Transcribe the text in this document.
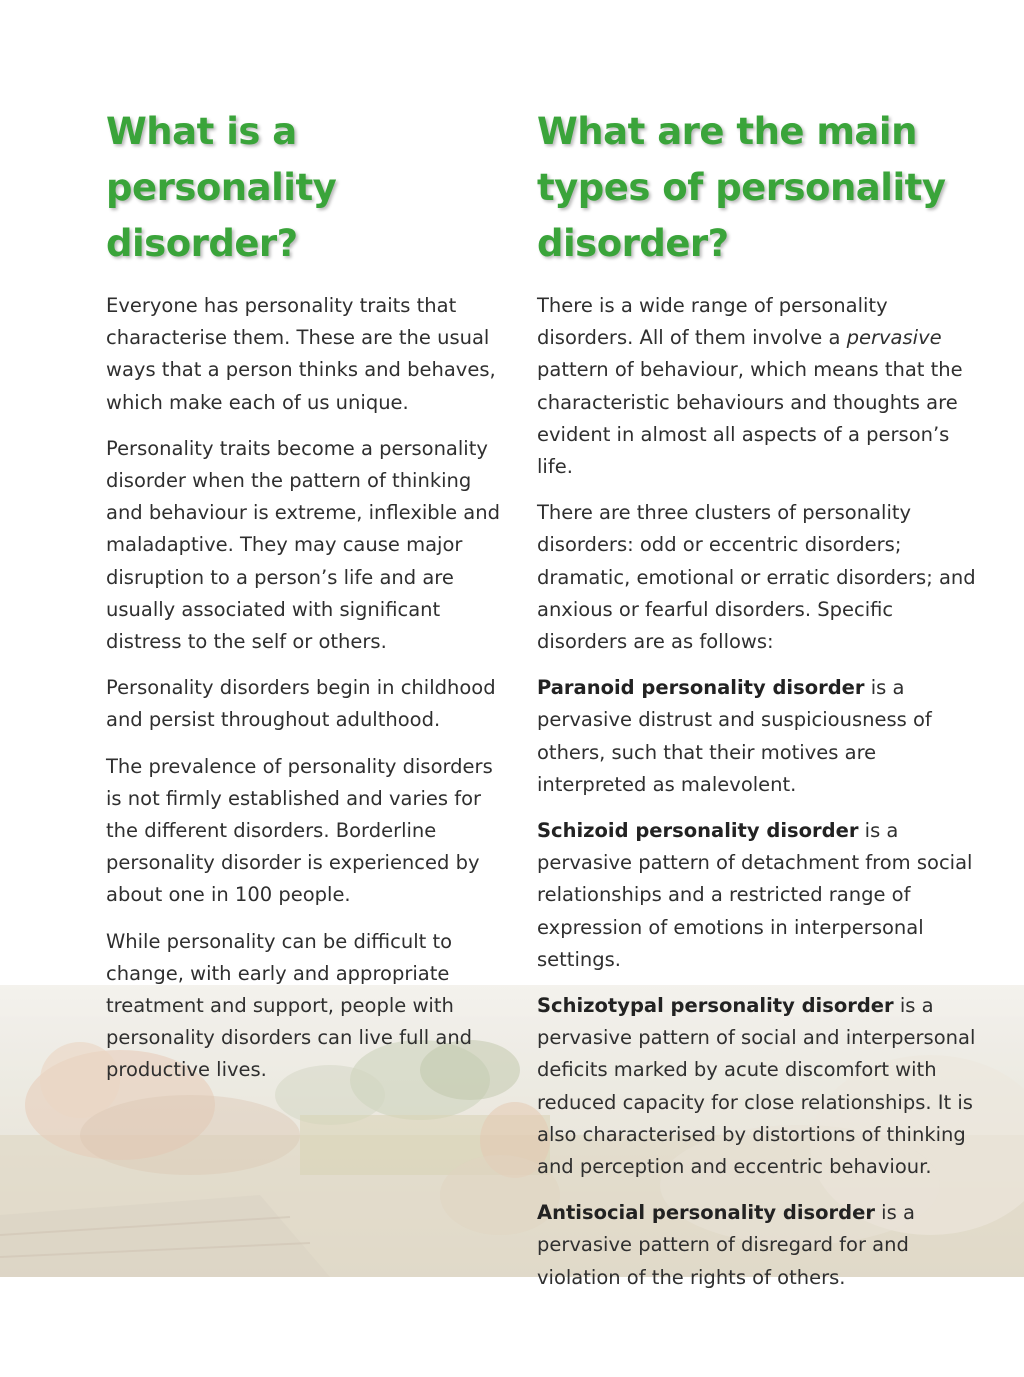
What is a personality disorder?

Everyone has personality traits that characterise them. These are the usual ways that a person thinks and behaves, which make each of us unique.

Personality traits become a personality disorder when the pattern of thinking and behaviour is extreme, inflexible and maladaptive. They may cause major disruption to a person’s life and are usually associated with significant distress to the self or others.

Personality disorders begin in childhood and persist throughout adulthood.

The prevalence of personality disorders is not firmly established and varies for the different disorders. Borderline personality disorder is experienced by about one in 100 people.

While personality can be difficult to change, with early and appropriate treatment and support, people with personality disorders can live full and productive lives.

What are the main types of personality disorder?

There is a wide range of personality disorders. All of them involve a pervasive pattern of behaviour, which means that the characteristic behaviours and thoughts are evident in almost all aspects of a person’s life.

There are three clusters of personality disorders: odd or eccentric disorders; dramatic, emotional or erratic disorders; and anxious or fearful disorders. Specific disorders are as follows:

Paranoid personality disorder is a pervasive distrust and suspiciousness of others, such that their motives are interpreted as malevolent.

Schizoid personality disorder is a pervasive pattern of detachment from social relationships and a restricted range of expression of emotions in interpersonal settings.

Schizotypal personality disorder is a pervasive pattern of social and interpersonal deficits marked by acute discomfort with reduced capacity for close relationships. It is also characterised by distortions of thinking and perception and eccentric behaviour.

Antisocial personality disorder is a pervasive pattern of disregard for and violation of the rights of others.
